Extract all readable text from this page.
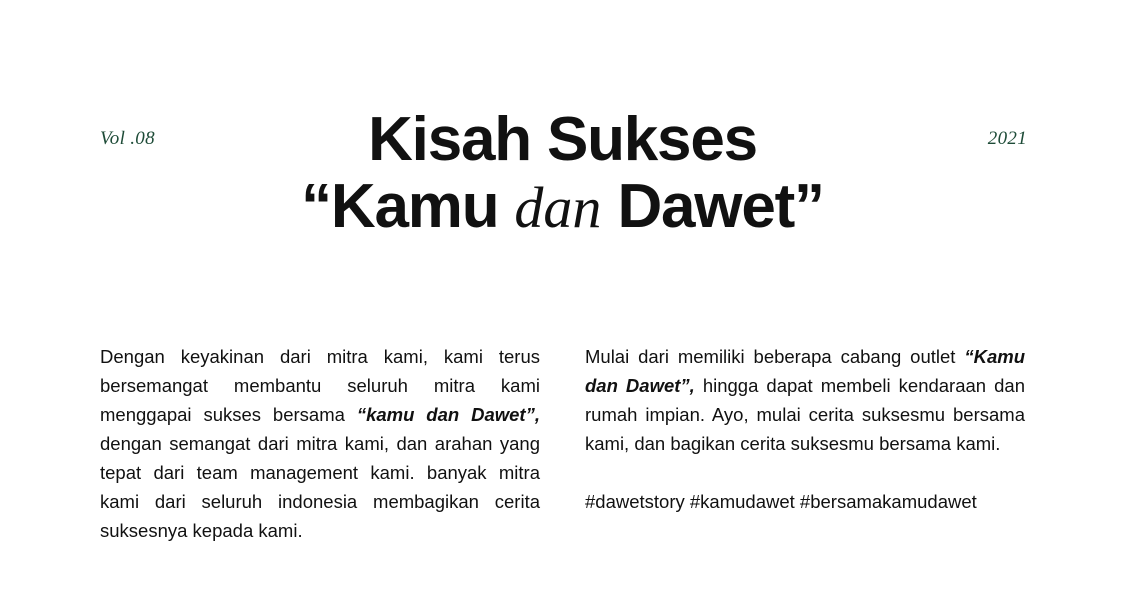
Vol .08	2021
Kisah Sukses
“Kamu dan Dawet”

Dengan keyakinan dari mitra kami, kami terus bersemangat membantu seluruh mitra kami menggapai sukses bersama “kamu dan Dawet”, dengan semangat dari mitra kami, dan arahan yang tepat dari team management kami. banyak mitra kami dari seluruh indonesia membagikan cerita suksesnya kepada kami.

Mulai dari memiliki beberapa cabang outlet “Kamu dan Dawet”, hingga dapat membeli kendaraan dan rumah impian. Ayo, mulai cerita suksesmu bersama kami, dan bagikan cerita suksesmu bersama kami.

#dawetstory #kamudawet #bersamakamudawet
